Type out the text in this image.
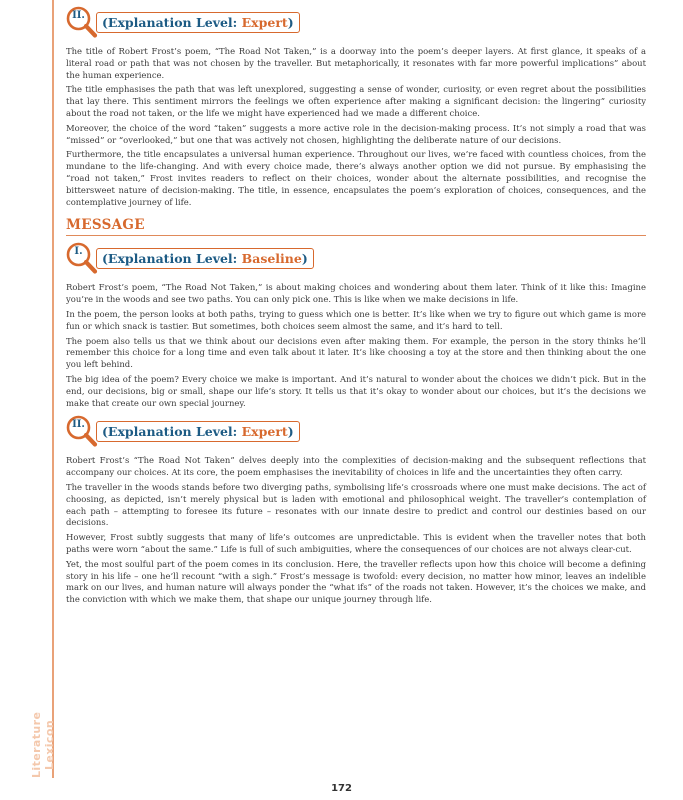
Literature Lexicon
II.	(Explanation Level: Expert)

The title of Robert Frost’s poem, “The Road Not Taken,” is a doorway into the poem’s deeper layers. At first glance, it speaks of a literal road or path that was not chosen by the traveller. But metaphorically, it resonates with far more powerful implications” about the human experience.

The title emphasises the path that was left unexplored, suggesting a sense of wonder, curiosity, or even regret about the possibilities that lay there. This sentiment mirrors the feelings we often experience after making a significant decision: the lingering” curiosity about the road not taken, or the life we might have experienced had we made a different choice.

Moreover, the choice of the word “taken” suggests a more active role in the decision-making process. It’s not simply a road that was “missed” or “overlooked,” but one that was actively not chosen, highlighting the deliberate nature of our decisions.

Furthermore, the title encapsulates a universal human experience. Throughout our lives, we’re faced with countless choices, from the mundane to the life-changing. And with every choice made, there’s always another option we did not pursue. By emphasising the “road not taken,” Frost invites readers to reflect on their choices, wonder about the alternate possibilities, and recognise the bittersweet nature of decision-making. The title, in essence, encapsulates the poem’s exploration of choices, consequences, and the contemplative journey of life.

MESSAGE
I.	(Explanation Level: Baseline)

Robert Frost’s poem, “The Road Not Taken,” is about making choices and wondering about them later. Think of it like this: Imagine you’re in the woods and see two paths. You can only pick one. This is like when we make decisions in life.

In the poem, the person looks at both paths, trying to guess which one is better. It’s like when we try to figure out which game is more fun or which snack is tastier. But sometimes, both choices seem almost the same, and it’s hard to tell.

The poem also tells us that we think about our decisions even after making them. For example, the person in the story thinks he’ll remember this choice for a long time and even talk about it later. It’s like choosing a toy at the store and then thinking about the one you left behind.

The big idea of the poem? Every choice we make is important. And it’s natural to wonder about the choices we didn’t pick. But in the end, our decisions, big or small, shape our life’s story. It tells us that it’s okay to wonder about our choices, but it’s the decisions we make that create our own special journey.

II.	(Explanation Level: Expert)

Robert Frost’s “The Road Not Taken” delves deeply into the complexities of decision-making and the subsequent reflections that accompany our choices. At its core, the poem emphasises the inevitability of choices in life and the uncertainties they often carry.

The traveller in the woods stands before two diverging paths, symbolising life’s crossroads where one must make decisions. The act of choosing, as depicted, isn’t merely physical but is laden with emotional and philosophical weight. The traveller’s contemplation of each path – attempting to foresee its future – resonates with our innate desire to predict and control our destinies based on our decisions.

However, Frost subtly suggests that many of life’s outcomes are unpredictable. This is evident when the traveller notes that both paths were worn “about the same.” Life is full of such ambiguities, where the consequences of our choices are not always clear-cut.

Yet, the most soulful part of the poem comes in its conclusion. Here, the traveller reflects upon how this choice will become a defining story in his life – one he’ll recount “with a sigh.” Frost’s message is twofold: every decision, no matter how minor, leaves an indelible mark on our lives, and human nature will always ponder the “what ifs” of the roads not taken. However, it’s the choices we make, and the conviction with which we make them, that shape our unique journey through life.

172
